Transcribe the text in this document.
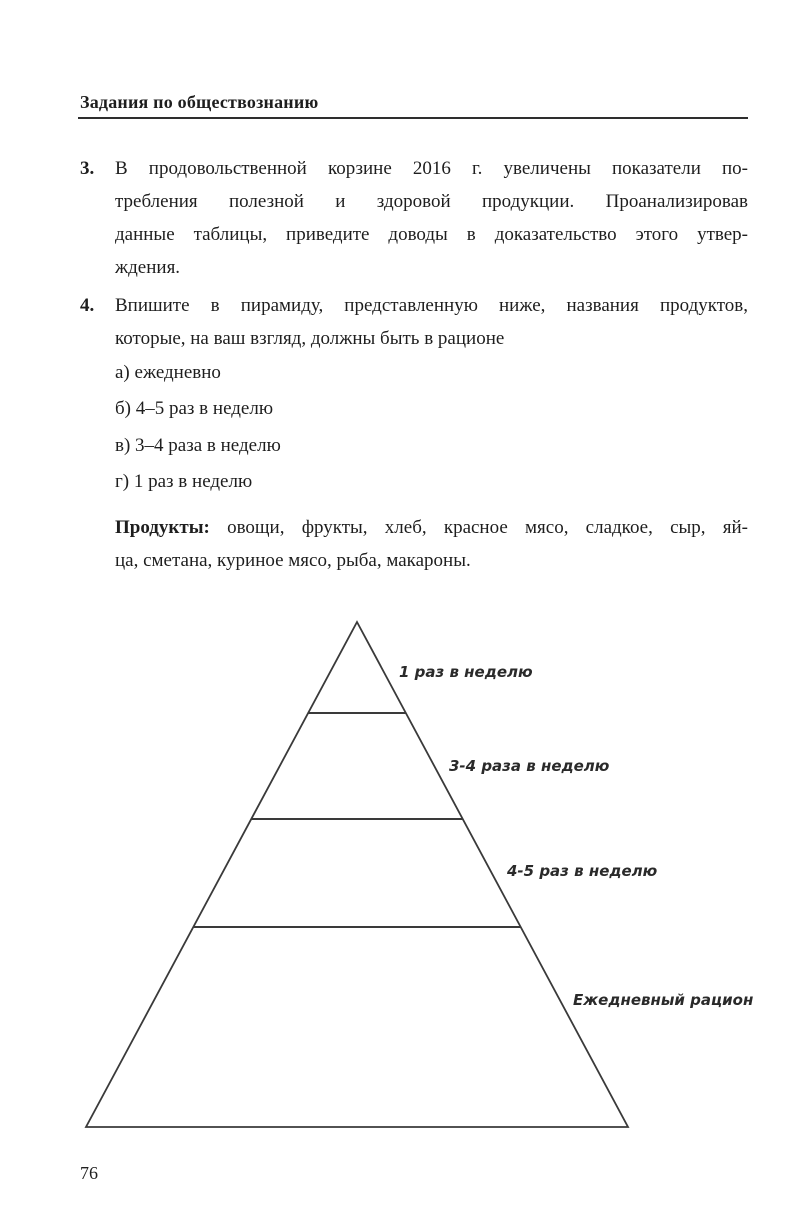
Задания по обществознанию
3.	В продовольственной корзине 2016 г. увеличены показатели по-
требления полезной и здоровой продукции. Проанализировав
данные таблицы, приведите доводы в доказательство этого утвер-
ждения.
4.	Впишите в пирамиду, представленную ниже, названия продуктов,
которые, на ваш взгляд, должны быть в рационе
а) ежедневно
б) 4–5 раз в неделю
в) 3–4 раза в неделю
г) 1 раз в неделю
Продукты: овощи, фрукты, хлеб, красное мясо, сладкое, сыр, яй-
ца, сметана, куриное мясо, рыба, макароны.
1 раз в неделю
3-4 раза в неделю
4-5 раз в неделю
Ежедневный рацион
76
